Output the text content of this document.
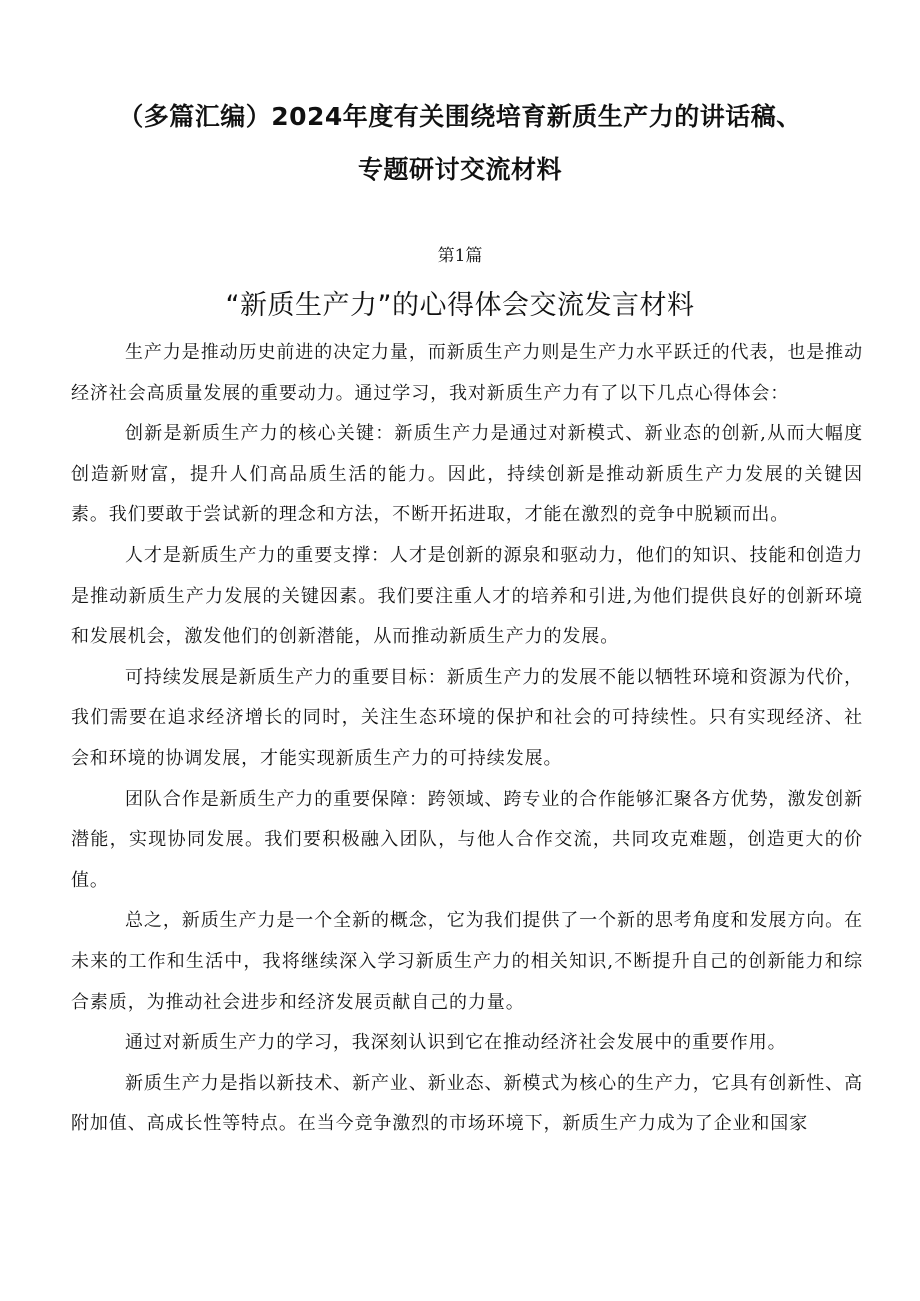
（多篇汇编）2024年度有关围绕培育新质生产力的讲话稿、
专题研讨交流材料
第1篇
“新质生产力”的心得体会交流发言材料

生产力是推动历史前进的决定力量，而新质生产力则是生产力水平跃迁的代表，也是推动经济社会高质量发展的重要动力。通过学习，我对新质生产力有了以下几点心得体会：

创新是新质生产力的核心关键：新质生产力是通过对新模式、新业态的创新,从而大幅度创造新财富，提升人们高品质生活的能力。因此，持续创新是推动新质生产力发展的关键因素。我们要敢于尝试新的理念和方法，不断开拓进取，才能在激烈的竞争中脱颖而出。

人才是新质生产力的重要支撑：人才是创新的源泉和驱动力，他们的知识、技能和创造力是推动新质生产力发展的关键因素。我们要注重人才的培养和引进,为他们提供良好的创新环境和发展机会，激发他们的创新潜能，从而推动新质生产力的发展。

可持续发展是新质生产力的重要目标：新质生产力的发展不能以牺牲环境和资源为代价，我们需要在追求经济增长的同时，关注生态环境的保护和社会的可持续性。只有实现经济、社会和环境的协调发展，才能实现新质生产力的可持续发展。

团队合作是新质生产力的重要保障：跨领域、跨专业的合作能够汇聚各方优势，激发创新潜能，实现协同发展。我们要积极融入团队，与他人合作交流，共同攻克难题，创造更大的价值。

总之，新质生产力是一个全新的概念，它为我们提供了一个新的思考角度和发展方向。在未来的工作和生活中，我将继续深入学习新质生产力的相关知识,不断提升自己的创新能力和综合素质，为推动社会进步和经济发展贡献自己的力量。

通过对新质生产力的学习，我深刻认识到它在推动经济社会发展中的重要作用。

新质生产力是指以新技术、新产业、新业态、新模式为核心的生产力，它具有创新性、高附加值、高成长性等特点。在当今竞争激烈的市场环境下，新质生产力成为了企业和国家
